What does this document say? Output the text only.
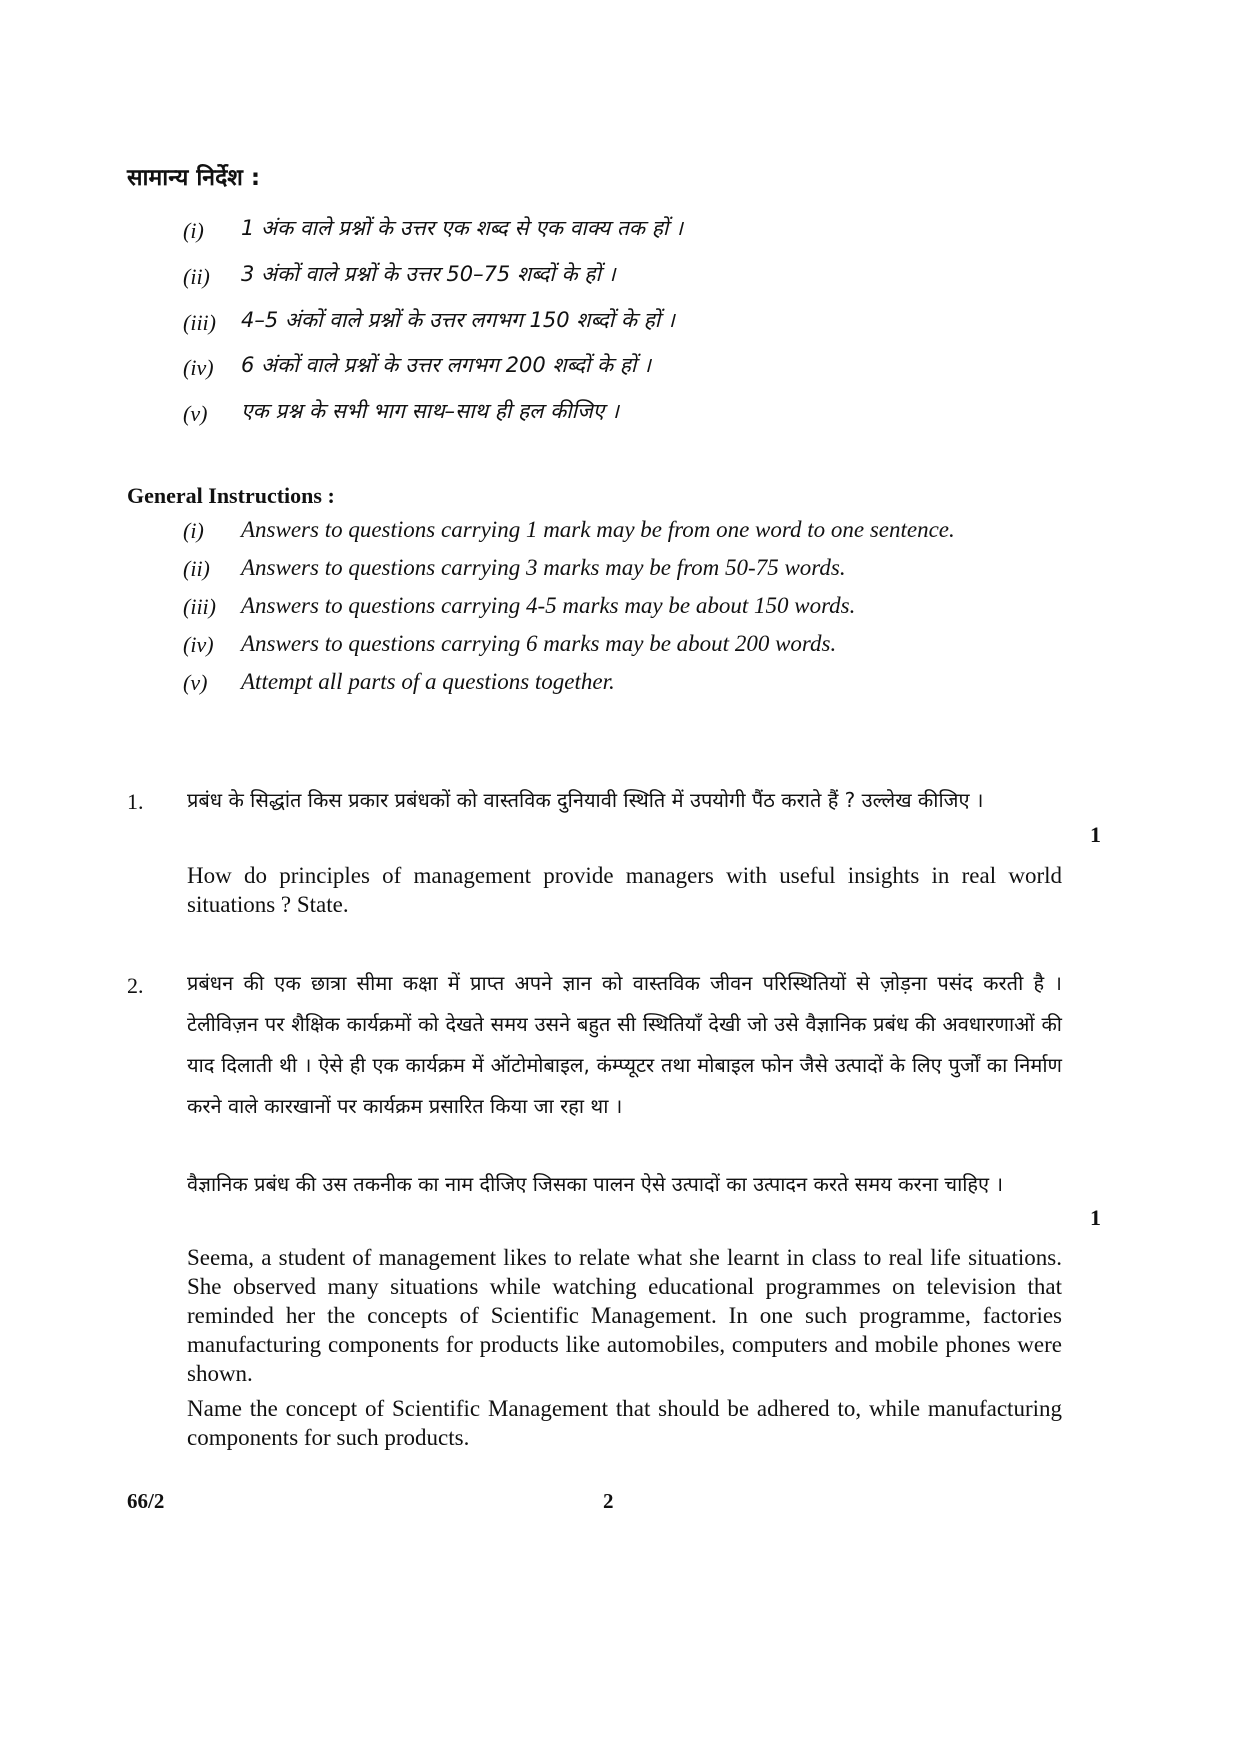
सामान्य निर्देश :
(i) 1 अंक वाले प्रश्नों के उत्तर एक शब्द से एक वाक्य तक हों ।
(ii) 3 अंकों वाले प्रश्नों के उत्तर 50–75 शब्दों के हों ।
(iii) 4–5 अंकों वाले प्रश्नों के उत्तर लगभग 150 शब्दों के हों ।
(iv) 6 अंकों वाले प्रश्नों के उत्तर लगभग 200 शब्दों के हों ।
(v) एक प्रश्न के सभी भाग साथ–साथ ही हल कीजिए ।
General Instructions :
(i) Answers to questions carrying 1 mark may be from one word to one sentence.
(ii) Answers to questions carrying 3 marks may be from 50-75 words.
(iii) Answers to questions carrying 4-5 marks may be about 150 words.
(iv) Answers to questions carrying 6 marks may be about 200 words.
(v) Attempt all parts of a questions together.
1. प्रबंध के सिद्धांत किस प्रकार प्रबंधकों को वास्तविक दुनियावी स्थिति में उपयोगी पैंठ कराते हैं ? उल्लेख कीजिए ।
1
How do principles of management provide managers with useful insights in real world situations ? State.
2. प्रबंधन की एक छात्रा सीमा कक्षा में प्राप्त अपने ज्ञान को वास्तविक जीवन परिस्थितियों से ज़ोड़ना पसंद करती है । टेलीविज़न पर शैक्षिक कार्यक्रमों को देखते समय उसने बहुत सी स्थितियाँ देखी जो उसे वैज्ञानिक प्रबंध की अवधारणाओं की याद दिलाती थी । ऐसे ही एक कार्यक्रम में ऑटोमोबाइल, कंम्प्यूटर तथा मोबाइल फोन जैसे उत्पादों के लिए पुर्जों का निर्माण करने वाले कारखानों पर कार्यक्रम प्रसारित किया जा रहा था ।
वैज्ञानिक प्रबंध की उस तकनीक का नाम दीजिए जिसका पालन ऐसे उत्पादों का उत्पादन करते समय करना चाहिए ।
1
Seema, a student of management likes to relate what she learnt in class to real life situations. She observed many situations while watching educational programmes on television that reminded her the concepts of Scientific Management. In one such programme, factories manufacturing components for products like automobiles, computers and mobile phones were shown.
Name the concept of Scientific Management that should be adhered to, while manufacturing components for such products.
66/2	2
